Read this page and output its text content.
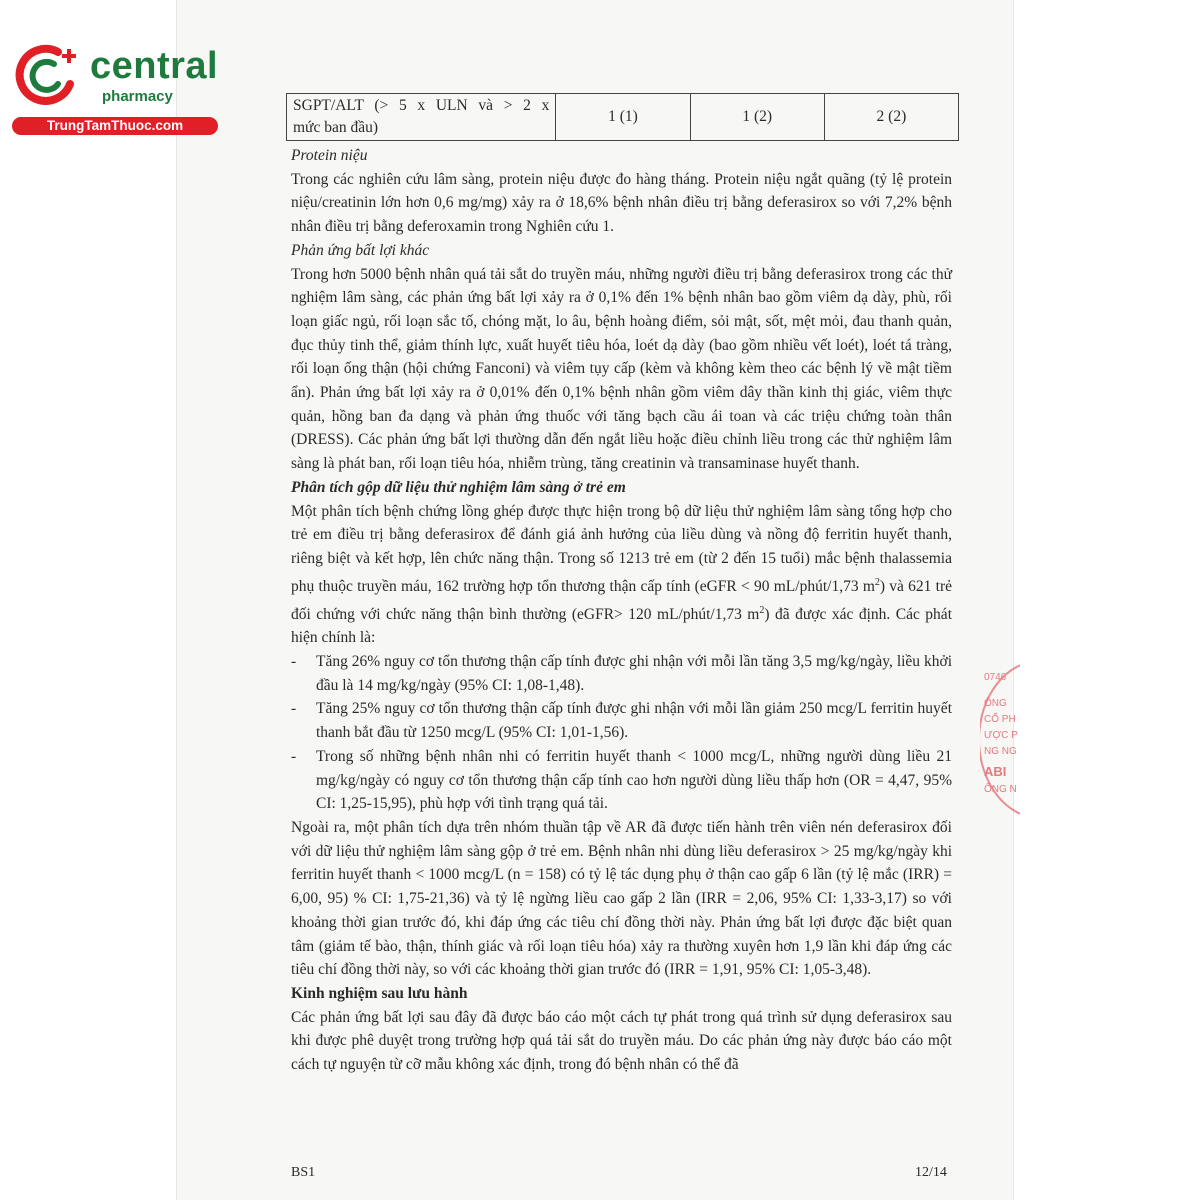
central
pharmacy
TrungTamThuoc.com
SGPT/ALT (> 5 x ULN và > 2 x
mức ban đầu)
	1 (1)	1 (2)	2 (2)

Protein niệu

Trong các nghiên cứu lâm sàng, protein niệu được đo hàng tháng. Protein niệu ngắt quãng (tỷ lệ protein niệu/creatinin lớn hơn 0,6 mg/mg) xảy ra ở 18,6% bệnh nhân điều trị bằng deferasirox so với 7,2% bệnh nhân điều trị bằng deferoxamin trong Nghiên cứu 1.

Phản ứng bất lợi khác

Trong hơn 5000 bệnh nhân quá tải sắt do truyền máu, những người điều trị bằng deferasirox trong các thử nghiệm lâm sàng, các phản ứng bất lợi xảy ra ở 0,1% đến 1% bệnh nhân bao gồm viêm dạ dày, phù, rối loạn giấc ngủ, rối loạn sắc tố, chóng mặt, lo âu, bệnh hoàng điểm, sỏi mật, sốt, mệt mỏi, đau thanh quản, đục thủy tinh thể, giảm thính lực, xuất huyết tiêu hóa, loét dạ dày (bao gồm nhiều vết loét), loét tá tràng, rối loạn ống thận (hội chứng Fanconi) và viêm tụy cấp (kèm và không kèm theo các bệnh lý về mật tiềm ẩn). Phản ứng bất lợi xảy ra ở 0,01% đến 0,1% bệnh nhân gồm viêm dây thần kinh thị giác, viêm thực quản, hồng ban đa dạng và phản ứng thuốc với tăng bạch cầu ái toan và các triệu chứng toàn thân (DRESS). Các phản ứng bất lợi thường dẫn đến ngắt liều hoặc điều chỉnh liều trong các thử nghiệm lâm sàng là phát ban, rối loạn tiêu hóa, nhiễm trùng, tăng creatinin và transaminase huyết thanh.

Phân tích gộp dữ liệu thử nghiệm lâm sàng ở trẻ em

Một phân tích bệnh chứng lồng ghép được thực hiện trong bộ dữ liệu thử nghiệm lâm sàng tổng hợp cho trẻ em điều trị bằng deferasirox để đánh giá ảnh hưởng của liều dùng và nồng độ ferritin huyết thanh, riêng biệt và kết hợp, lên chức năng thận. Trong số 1213 trẻ em (từ 2 đến 15 tuổi) mắc bệnh thalassemia phụ thuộc truyền máu, 162 trường hợp tổn thương thận cấp tính (eGFR < 90 mL/phút/1,73 $m^2$) và 621 trẻ đối chứng với chức năng thận bình thường (eGFR> 120 mL/phút/1,73 $m^2$) đã được xác định. Các phát hiện chính là:

- Tăng 26% nguy cơ tổn thương thận cấp tính được ghi nhận với mỗi lần tăng 3,5 mg/kg/ngày, liều khởi đầu là 14 mg/kg/ngày (95% CI: 1,08-1,48).
- Tăng 25% nguy cơ tổn thương thận cấp tính được ghi nhận với mỗi lần giảm 250 mcg/L ferritin huyết thanh bắt đầu từ 1250 mcg/L (95% CI: 1,01-1,56).
- Trong số những bệnh nhân nhi có ferritin huyết thanh < 1000 mcg/L, những người dùng liều 21 mg/kg/ngày có nguy cơ tổn thương thận cấp tính cao hơn người dùng liều thấp hơn (OR = 4,47, 95% CI: 1,25-15,95), phù hợp với tình trạng quá tải.

Ngoài ra, một phân tích dựa trên nhóm thuần tập về AR đã được tiến hành trên viên nén deferasirox đối với dữ liệu thử nghiệm lâm sàng gộp ở trẻ em. Bệnh nhân nhi dùng liều deferasirox > 25 mg/kg/ngày khi ferritin huyết thanh < 1000 mcg/L (n = 158) có tỷ lệ tác dụng phụ ở thận cao gấp 6 lần (tỷ lệ mắc (IRR) = 6,00, 95) % CI: 1,75-21,36) và tỷ lệ ngừng liều cao gấp 2 lần (IRR = 2,06, 95% CI: 1,33-3,17) so với khoảng thời gian trước đó, khi đáp ứng các tiêu chí đồng thời này. Phản ứng bất lợi được đặc biệt quan tâm (giảm tế bào, thận, thính giác và rối loạn tiêu hóa) xảy ra thường xuyên hơn 1,9 lần khi đáp ứng các tiêu chí đồng thời này, so với các khoảng thời gian trước đó (IRR = 1,91, 95% CI: 1,05-3,48).

Kinh nghiệm sau lưu hành

Các phản ứng bất lợi sau đây đã được báo cáo một cách tự phát trong quá trình sử dụng deferasirox sau khi được phê duyệt trong trường hợp quá tải sắt do truyền máu. Do các phản ứng này được báo cáo một cách tự nguyện từ cỡ mẫu không xác định, trong đó bệnh nhân có thể đã

0746
ÔNG
CỔ PH
ƯỢC P
NG NG
ABI
ỐNG N
BS1	12/14
